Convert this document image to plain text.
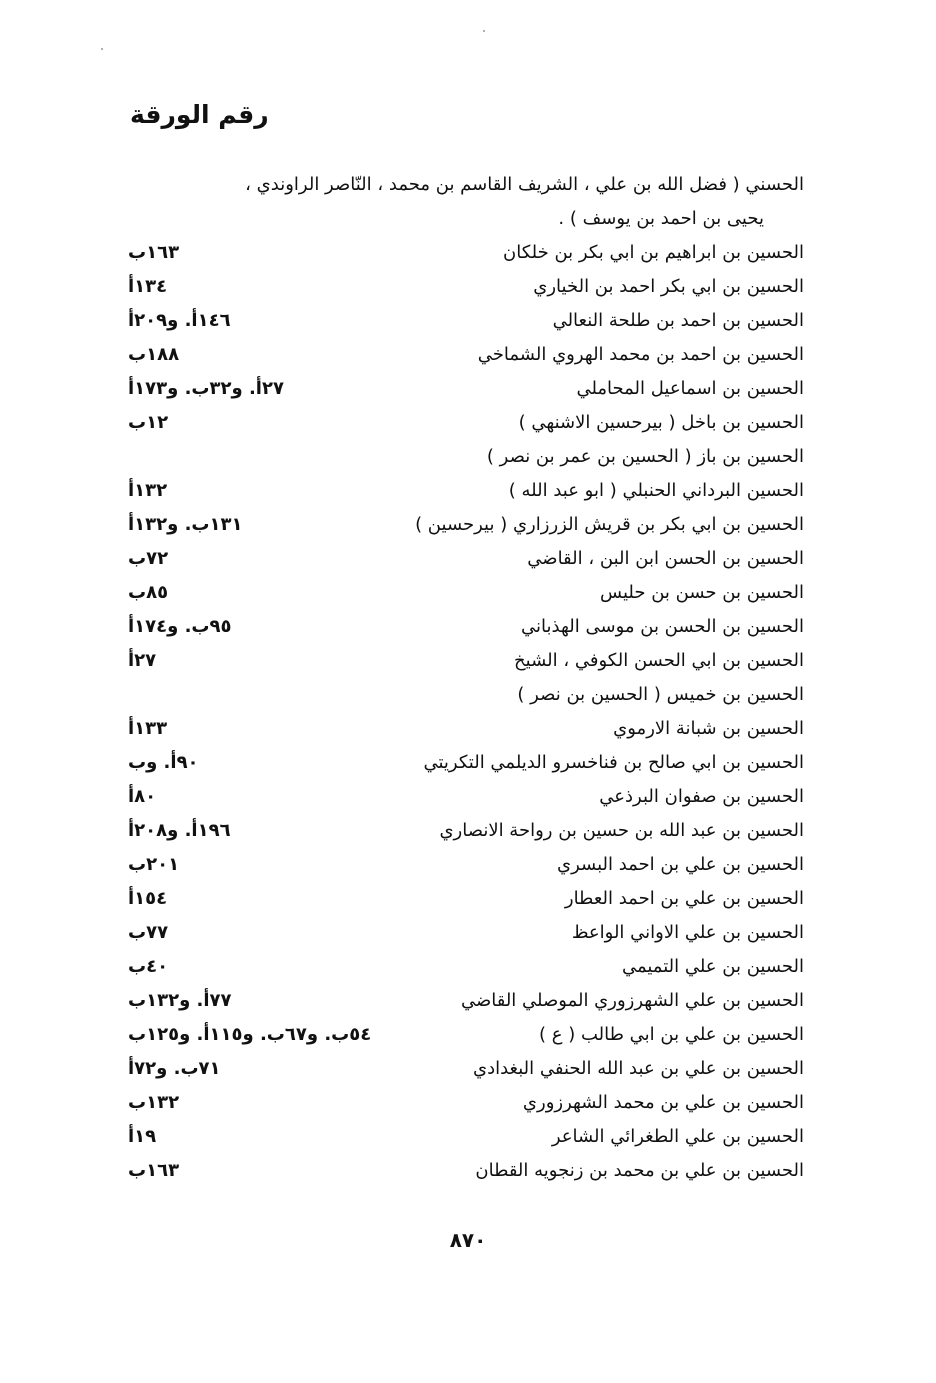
رقم الورقة
الحسني ( فضل الله بن علي ، الشريف القاسم بن محمد ، النّاصر الراوندي ،
يحيى بن احمد بن يوسف ) .
الحسين بن ابراهيم بن ابي بكر بن خلكان
١٦٣ب
الحسين بن ابي بكر احمد بن الخياري
١٣٤أ
الحسين بن احمد بن طلحة النعالي
١٤٦أ. و٢٠٩أ
الحسين بن احمد بن محمد الهروي الشماخي
١٨٨ب
الحسين بن اسماعيل المحاملي
٢٧أ. و٣٢ب. و١٧٣أ
الحسين بن باخل ( بيرحسين الاشنهي )
١٢ب
الحسين بن باز ( الحسين بن عمر بن نصر )
الحسين البرداني الحنبلي ( ابو عبد الله )
١٣٢أ
الحسين بن ابي بكر بن قريش الزرزاري ( بيرحسين )
١٣١ب. و١٣٢أ
الحسين بن الحسن ابن البن ، القاضي
٧٢ب
الحسين بن حسن بن حليس
٨٥ب
الحسين بن الحسن بن موسى الهذباني
٩٥ب. و١٧٤أ
الحسين بن ابي الحسن الكوفي ، الشيخ
٢٧أ
الحسين بن خميس ( الحسين بن نصر )
الحسين بن شبانة الارموي
١٣٣أ
الحسين بن ابي صالح بن فناخسرو الديلمي التكريتي
٩٠أ. وب
الحسين بن صفوان البرذعي
٨٠أ
الحسين بن عبد الله بن حسين بن رواحة الانصاري
١٩٦أ. و٢٠٨أ
الحسين بن علي بن احمد البسري
٢٠١ب
الحسين بن علي بن احمد العطار
١٥٤أ
الحسين بن علي الاواني الواعظ
٧٧ب
الحسين بن علي التميمي
٤٠ب
الحسين بن علي الشهرزوري الموصلي القاضي
٧٧أ. و١٣٢ب
الحسين بن علي بن ابي طالب ( ع )
٥٤ب. و٦٧ب. و١١٥أ. و١٢٥ب
الحسين بن علي بن عبد الله الحنفي البغدادي
٧١ب. و٧٢أ
الحسين بن علي بن محمد الشهرزوري
١٣٢ب
الحسين بن علي الطغرائي الشاعر
١٩أ
الحسين بن علي بن محمد بن زنجويه القطان
١٦٣ب
٨٧٠
